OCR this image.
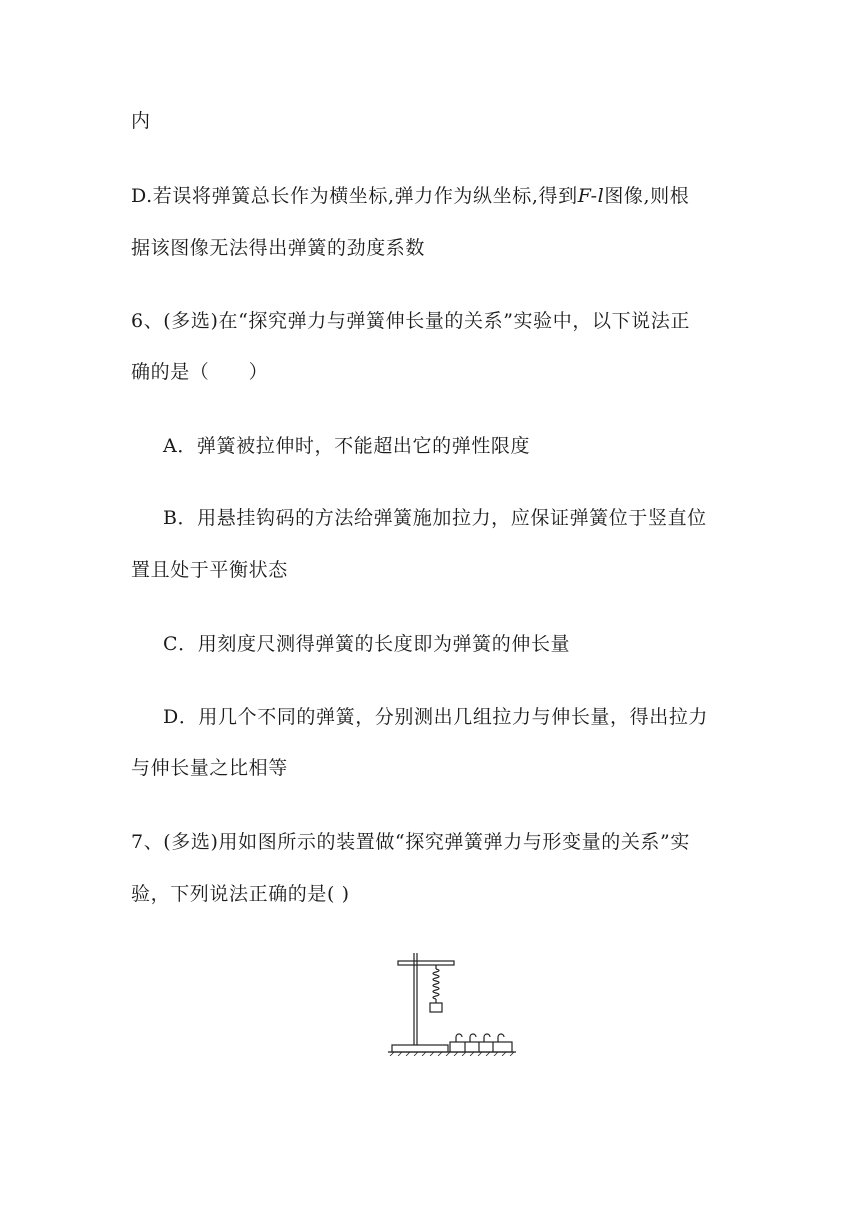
内
D.若误将弹簧总长作为横坐标,弹力作为纵坐标,得到F-l图像,则根
据该图像无法得出弹簧的劲度系数
6、(多选)在“探究弹力与弹簧伸长量的关系”实验中，以下说法正
确的是（　　）
A．弹簧被拉伸时，不能超出它的弹性限度
B．用悬挂钩码的方法给弹簧施加拉力，应保证弹簧位于竖直位
置且处于平衡状态
C．用刻度尺测得弹簧的长度即为弹簧的伸长量
D．用几个不同的弹簧，分别测出几组拉力与伸长量，得出拉力
与伸长量之比相等
7、(多选)用如图所示的装置做“探究弹簧弹力与形变量的关系”实
验，下列说法正确的是( )
